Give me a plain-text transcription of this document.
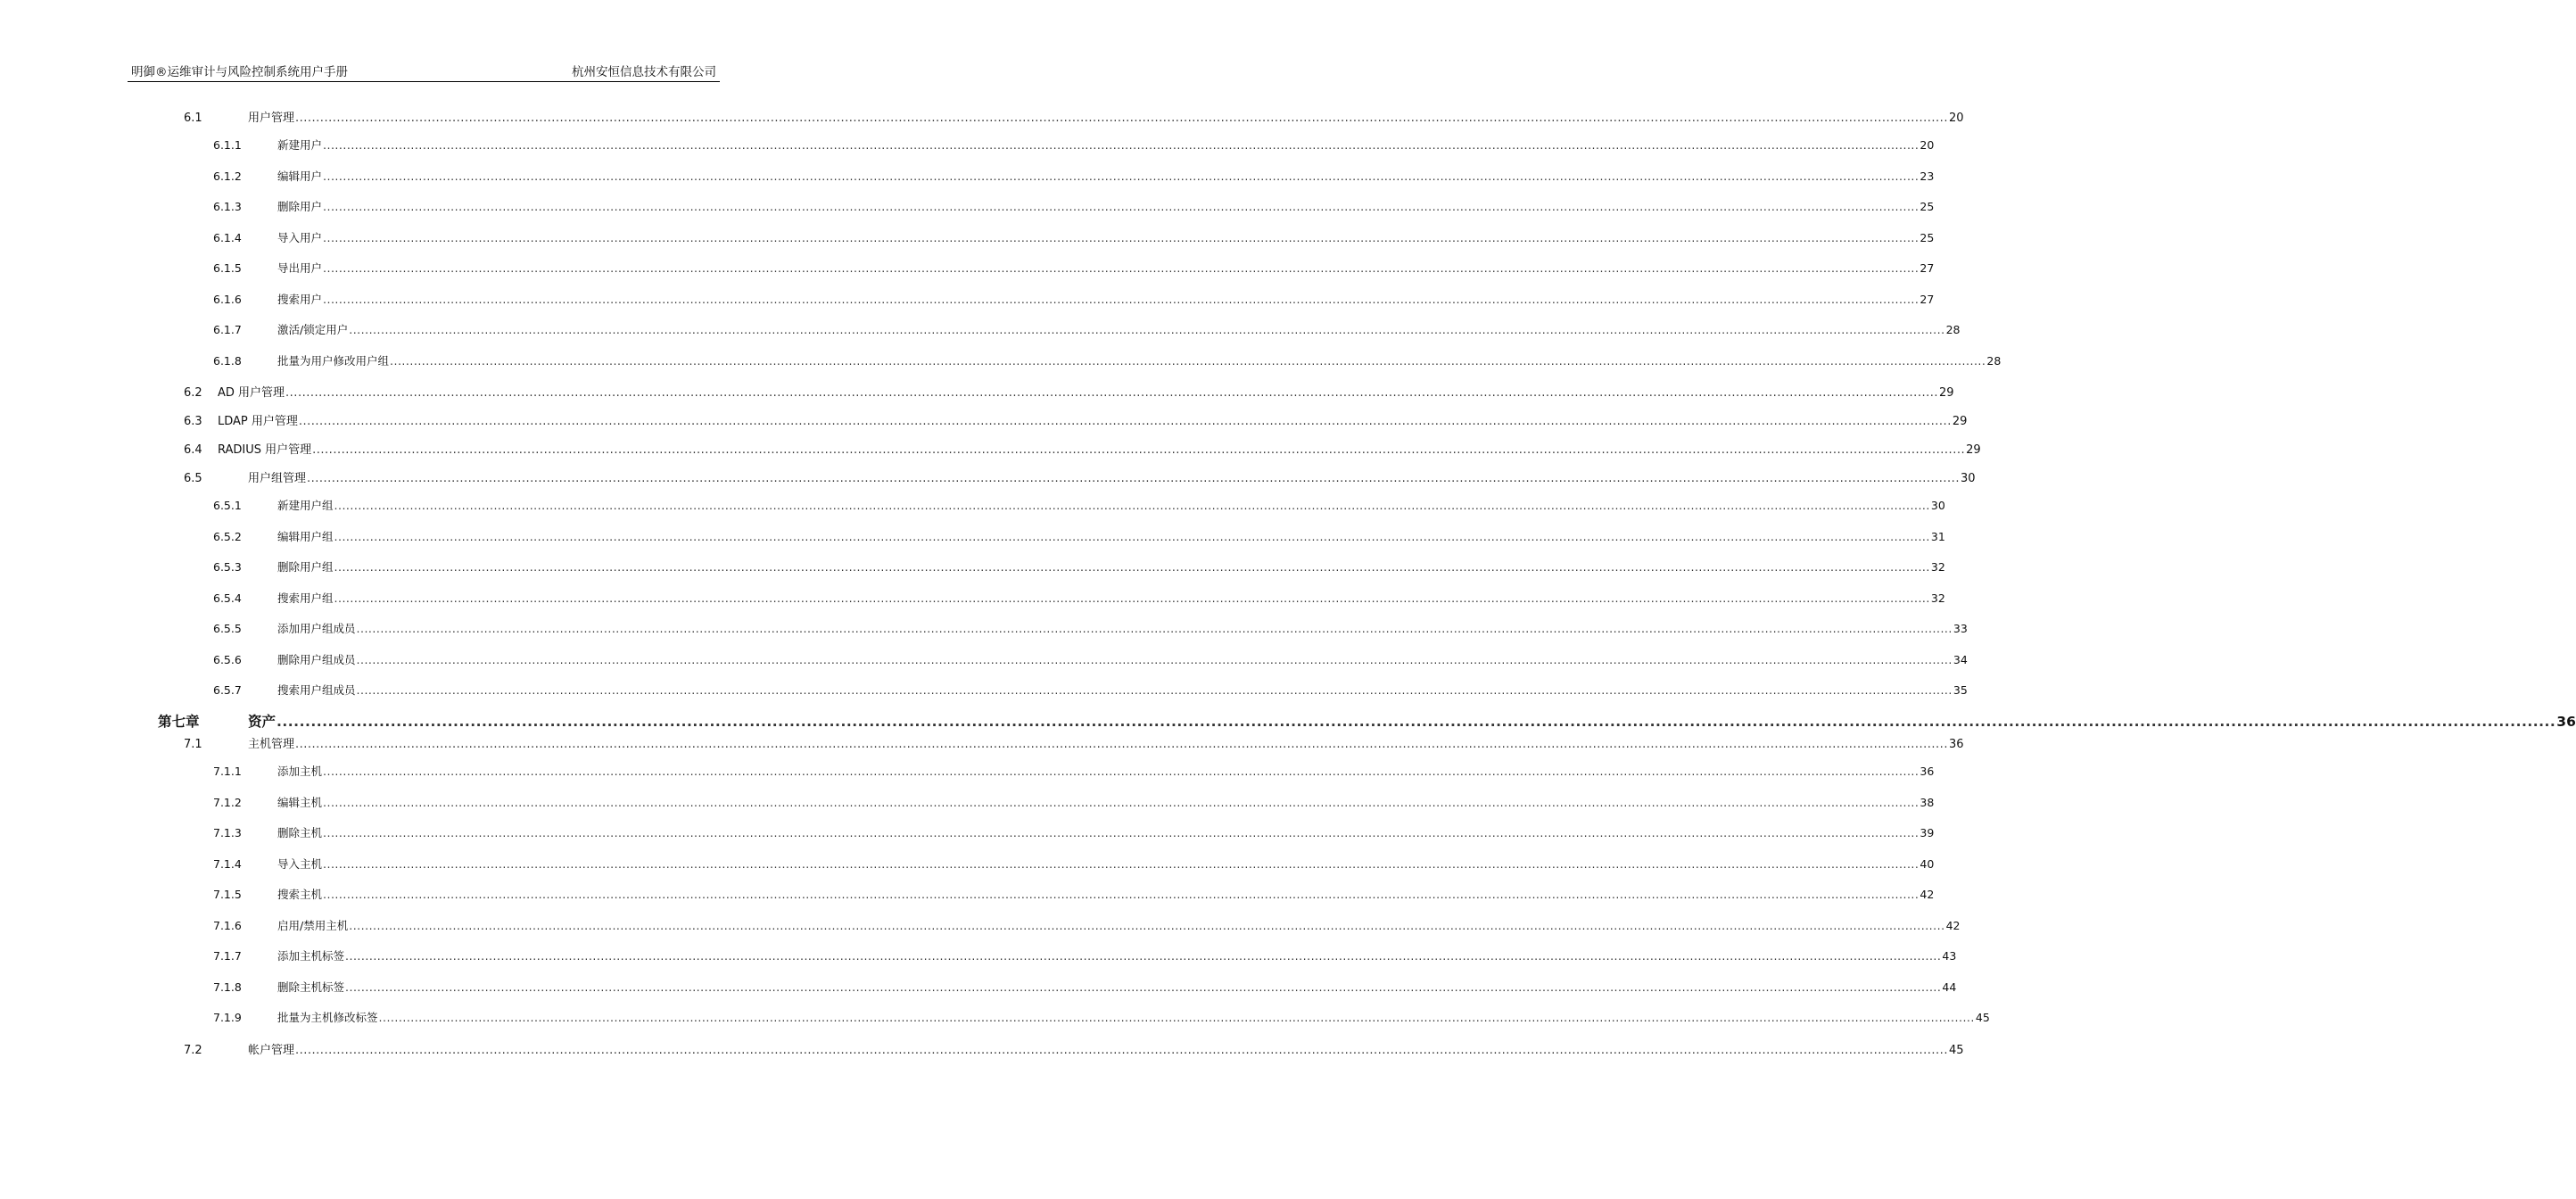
明御®运维审计与风险控制系统用户手册	杭州安恒信息技术有限公司
6.1	用户管理 ................................................................................................................................................................................................................................................................................................................................................................................................................ 20
6.1.1	新建用户 ................................................................................................................................................................................................................................................................................................................................................................................................................ 20
6.1.2	编辑用户 ................................................................................................................................................................................................................................................................................................................................................................................................................ 23
6.1.3	删除用户 ................................................................................................................................................................................................................................................................................................................................................................................................................ 25
6.1.4	导入用户 ................................................................................................................................................................................................................................................................................................................................................................................................................ 25
6.1.5	导出用户 ................................................................................................................................................................................................................................................................................................................................................................................................................ 27
6.1.6	搜索用户 ................................................................................................................................................................................................................................................................................................................................................................................................................ 27
6.1.7	激活/锁定用户 ................................................................................................................................................................................................................................................................................................................................................................................................................ 28
6.1.8	批量为用户修改用户组 ................................................................................................................................................................................................................................................................................................................................................................................................................ 28
6.2	AD 用户管理 ................................................................................................................................................................................................................................................................................................................................................................................................................ 29
6.3	LDAP 用户管理 ................................................................................................................................................................................................................................................................................................................................................................................................................ 29
6.4	RADIUS 用户管理 ................................................................................................................................................................................................................................................................................................................................................................................................................ 29
6.5	用户组管理 ................................................................................................................................................................................................................................................................................................................................................................................................................ 30
6.5.1	新建用户组 ................................................................................................................................................................................................................................................................................................................................................................................................................ 30
6.5.2	编辑用户组 ................................................................................................................................................................................................................................................................................................................................................................................................................ 31
6.5.3	删除用户组 ................................................................................................................................................................................................................................................................................................................................................................................................................ 32
6.5.4	搜索用户组 ................................................................................................................................................................................................................................................................................................................................................................................................................ 32
6.5.5	添加用户组成员 ................................................................................................................................................................................................................................................................................................................................................................................................................ 33
6.5.6	删除用户组成员 ................................................................................................................................................................................................................................................................................................................................................................................................................ 34
6.5.7	搜索用户组成员 ................................................................................................................................................................................................................................................................................................................................................................................................................ 35
第七章	资产 ................................................................................................................................................................................................................................................................................................................................................................................................................ 36
7.1	主机管理 ................................................................................................................................................................................................................................................................................................................................................................................................................ 36
7.1.1	添加主机 ................................................................................................................................................................................................................................................................................................................................................................................................................ 36
7.1.2	编辑主机 ................................................................................................................................................................................................................................................................................................................................................................................................................ 38
7.1.3	删除主机 ................................................................................................................................................................................................................................................................................................................................................................................................................ 39
7.1.4	导入主机 ................................................................................................................................................................................................................................................................................................................................................................................................................ 40
7.1.5	搜索主机 ................................................................................................................................................................................................................................................................................................................................................................................................................ 42
7.1.6	启用/禁用主机 ................................................................................................................................................................................................................................................................................................................................................................................................................ 42
7.1.7	添加主机标签 ................................................................................................................................................................................................................................................................................................................................................................................................................ 43
7.1.8	删除主机标签 ................................................................................................................................................................................................................................................................................................................................................................................................................ 44
7.1.9	批量为主机修改标签 ................................................................................................................................................................................................................................................................................................................................................................................................................ 45
7.2	帐户管理 ................................................................................................................................................................................................................................................................................................................................................................................................................ 45
